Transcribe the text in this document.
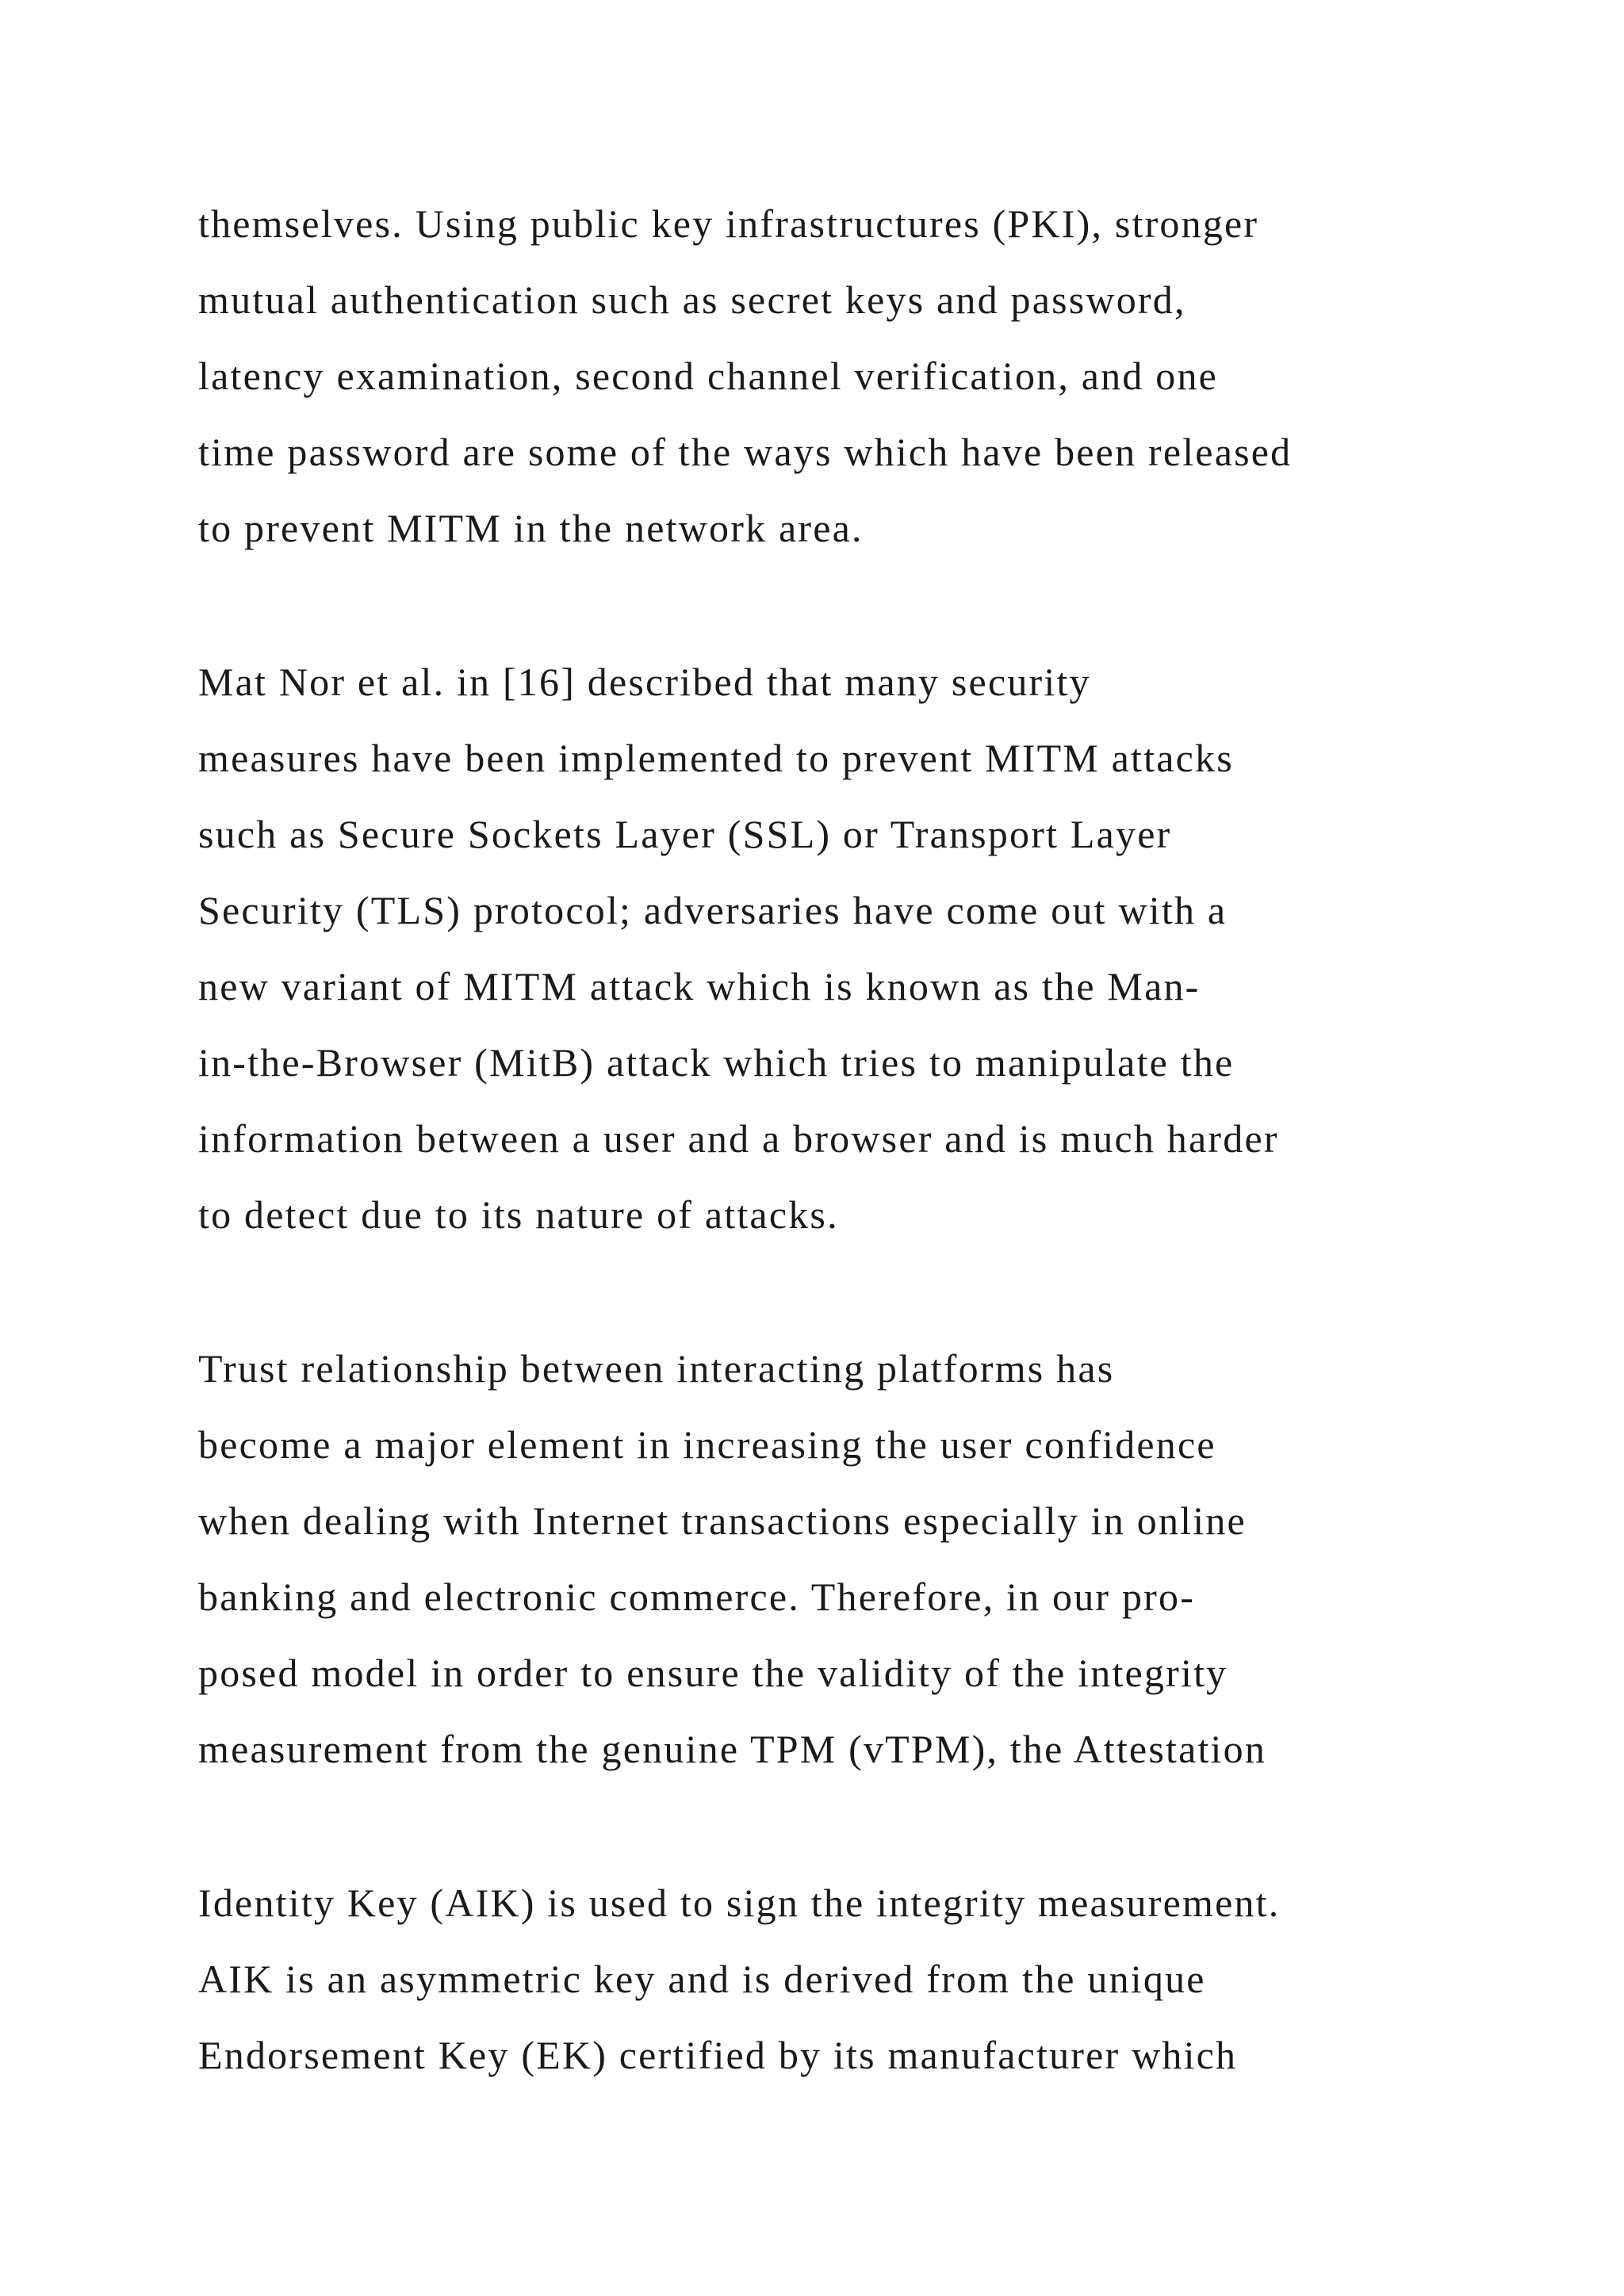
themselves. Using public key infrastructures (PKI), stronger
mutual authentication such as secret keys and password,
latency examination, second channel verification, and one
time password are some of the ways which have been released
to prevent MITM in the network area.
Mat Nor et al. in [16] described that many security
measures have been implemented to prevent MITM attacks
such as Secure Sockets Layer (SSL) or Transport Layer
Security (TLS) protocol; adversaries have come out with a
new variant of MITM attack which is known as the Man-
in-the-Browser (MitB) attack which tries to manipulate the
information between a user and a browser and is much harder
to detect due to its nature of attacks.
Trust relationship between interacting platforms has
become a major element in increasing the user confidence
when dealing with Internet transactions especially in online
banking and electronic commerce. Therefore, in our pro-
posed model in order to ensure the validity of the integrity
measurement from the genuine TPM (vTPM), the Attestation
Identity Key (AIK) is used to sign the integrity measurement.
AIK is an asymmetric key and is derived from the unique
Endorsement Key (EK) certified by its manufacturer which
